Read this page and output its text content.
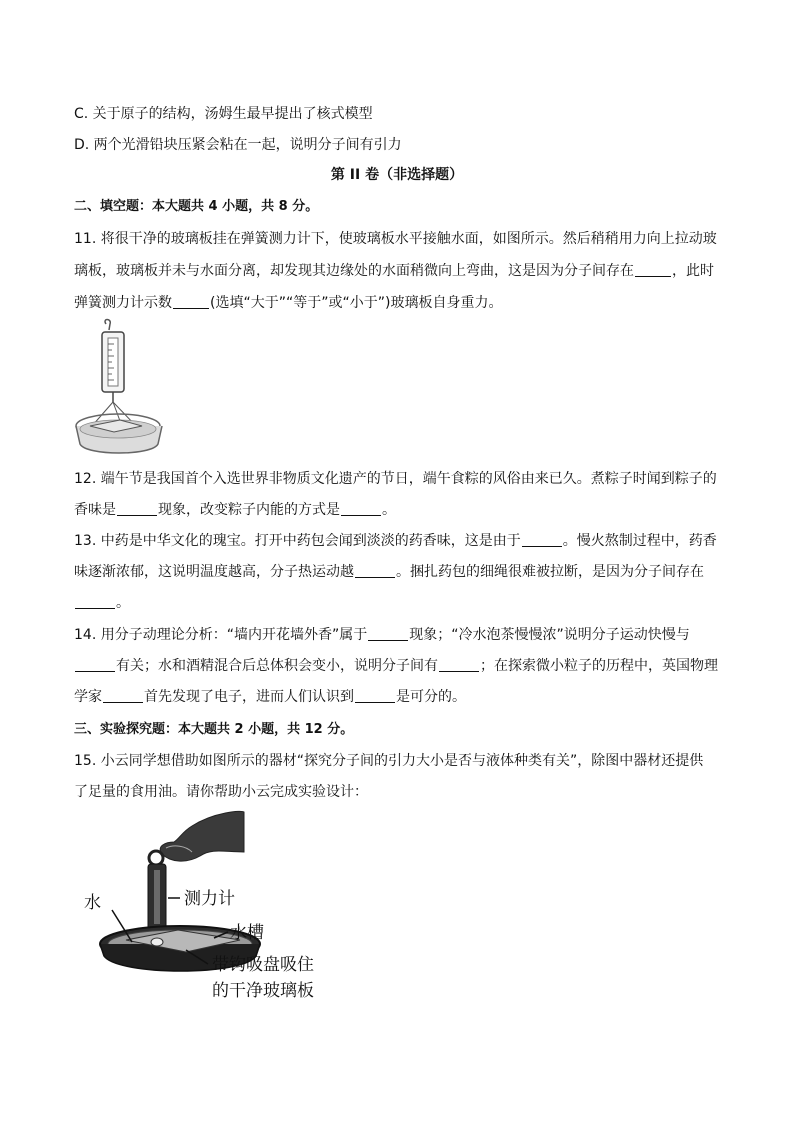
C. 关于原子的结构，汤姆生最早提出了核式模型
D. 两个光滑铅块压紧会粘在一起，说明分子间有引力
第 II 卷（非选择题）
二、填空题：本大题共 4 小题，共 8 分。
11. 将很干净的玻璃板挂在弹簧测力计下，使玻璃板水平接触水面，如图所示。然后稍稍用力向上拉动玻
璃板，玻璃板并未与水面分离，却发现其边缘处的水面稍微向上弯曲，这是因为分子间存在	，此时
弹簧测力计示数	(选填“大于”“等于”或“小于”)玻璃板自身重力。
12. 端午节是我国首个入选世界非物质文化遗产的节日，端午食粽的风俗由来已久。煮粽子时闻到粽子的
香味是	现象，改变粽子内能的方式是	。
13. 中药是中华文化的瑰宝。打开中药包会闻到淡淡的药香味，这是由于	。慢火熬制过程中，药香
味逐渐浓郁，这说明温度越高，分子热运动越	。捆扎药包的细绳很难被拉断，是因为分子间存在
。
14. 用分子动理论分析：“墙内开花墙外香”属于	现象；“冷水泡茶慢慢浓”说明分子运动快慢与
有关；水和酒精混合后总体积会变小，说明分子间有	；在探索微小粒子的历程中，英国物理
学家	首先发现了电子，进而人们认识到	是可分的。
三、实验探究题：本大题共 2 小题，共 12 分。
15. 小云同学想借助如图所示的器材“探究分子间的引力大小是否与液体种类有关”，除图中器材还提供
了足量的食用油。请你帮助小云完成实验设计：
水	测力计
水槽
带钩吸盘吸住
的干净玻璃板
